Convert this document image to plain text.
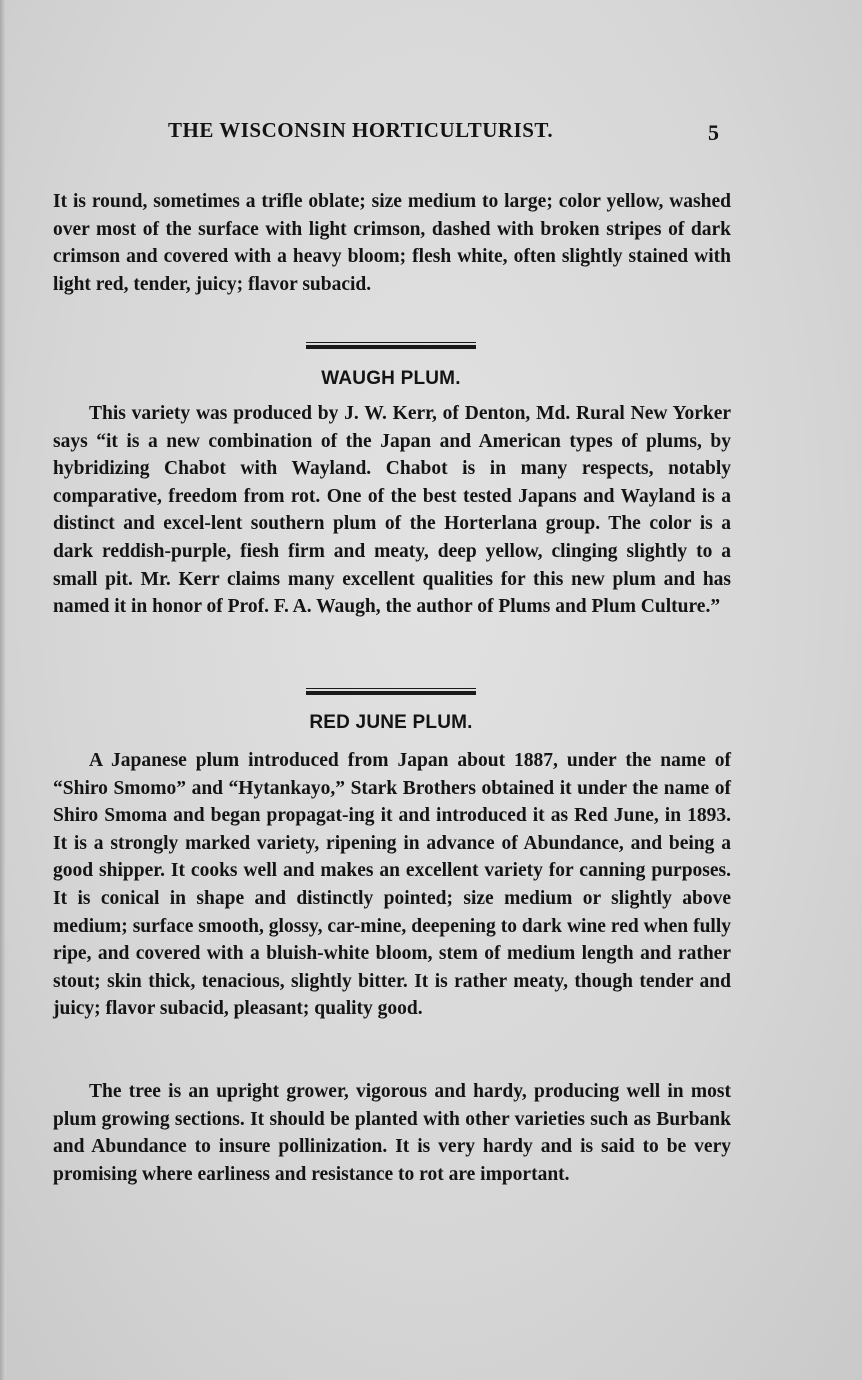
THE WISCONSIN HORTICULTURIST.	5

It is round, sometimes a trifle oblate; size medium to large; color yellow, washed over most of the surface with light crimson, dashed with broken stripes of dark crimson and covered with a heavy bloom; flesh white, often slightly stained with light red, tender, juicy; flavor subacid.

WAUGH PLUM.

This variety was produced by J. W. Kerr, of Denton, Md. Rural New Yorker says “it is a new combination of the Japan and American types of plums, by hybridizing Chabot with Wayland. Chabot is in many respects, notably comparative, freedom from rot. One of the best tested Japans and Wayland is a distinct and excel-lent southern plum of the Horterlana group. The color is a dark reddish-purple, fiesh firm and meaty, deep yellow, clinging slightly to a small pit. Mr. Kerr claims many excellent qualities for this new plum and has named it in honor of Prof. F. A. Waugh, the author of Plums and Plum Culture.”

RED JUNE PLUM.

A Japanese plum introduced from Japan about 1887, under the name of “Shiro Smomo” and “Hytankayo,” Stark Brothers obtained it under the name of Shiro Smoma and began propagat-ing it and introduced it as Red June, in 1893. It is a strongly marked variety, ripening in advance of Abundance, and being a good shipper. It cooks well and makes an excellent variety for canning purposes. It is conical in shape and distinctly pointed; size medium or slightly above medium; surface smooth, glossy, car-mine, deepening to dark wine red when fully ripe, and covered with a bluish-white bloom, stem of medium length and rather stout; skin thick, tenacious, slightly bitter. It is rather meaty, though tender and juicy; flavor subacid, pleasant; quality good.

The tree is an upright grower, vigorous and hardy, producing well in most plum growing sections. It should be planted with other varieties such as Burbank and Abundance to insure pollinization. It is very hardy and is said to be very promising where earliness and resistance to rot are important.
